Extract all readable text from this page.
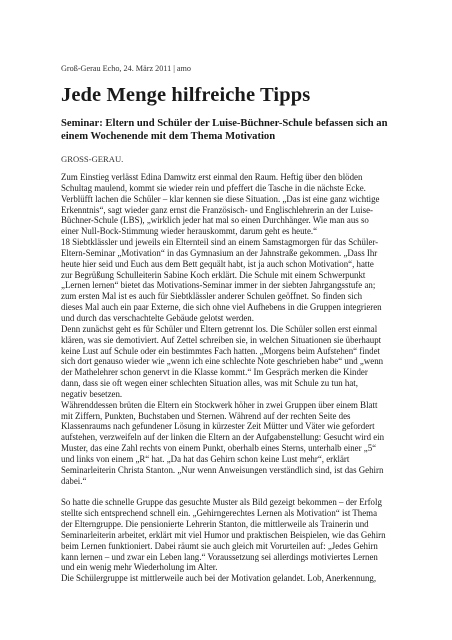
Groß-Gerau Echo, 24. März 2011 | amo
Jede Menge hilfreiche Tipps
Seminar: Eltern und Schüler der Luise-Büchner-Schule befassen sich an
einem Wochenende mit dem Thema Motivation
GROSS-GERAU.
Zum Einstieg verlässt Edina Damwitz erst einmal den Raum. Heftig über den blöden
Schultag maulend, kommt sie wieder rein und pfeffert die Tasche in die nächste Ecke.
Verblüfft lachen die Schüler – klar kennen sie diese Situation. „Das ist eine ganz wichtige
Erkenntnis“, sagt wieder ganz ernst die Französisch- und Englischlehrerin an der Luise-
Büchner-Schule (LBS), „wirklich jeder hat mal so einen Durchhänger. Wie man aus so
einer Null-Bock-Stimmung wieder herauskommt, darum geht es heute.“
18 Siebtklässler und jeweils ein Elternteil sind an einem Samstagmorgen für das Schüler-
Eltern-Seminar „Motivation“ in das Gymnasium an der Jahnstraße gekommen. „Dass Ihr
heute hier seid und Euch aus dem Bett gequält habt, ist ja auch schon Motivation“, hatte
zur Begrüßung Schulleiterin Sabine Koch erklärt. Die Schule mit einem Schwerpunkt
„Lernen lernen“ bietet das Motivations-Seminar immer in der siebten Jahrgangsstufe an;
zum ersten Mal ist es auch für Siebtklässler anderer Schulen geöffnet. So finden sich
dieses Mal auch ein paar Externe, die sich ohne viel Aufhebens in die Gruppen integrieren
und durch das verschachtelte Gebäude gelotst werden.
Denn zunächst geht es für Schüler und Eltern getrennt los. Die Schüler sollen erst einmal
klären, was sie demotiviert. Auf Zettel schreiben sie, in welchen Situationen sie überhaupt
keine Lust auf Schule oder ein bestimmtes Fach hatten. „Morgens beim Aufstehen“ findet
sich dort genauso wieder wie „wenn ich eine schlechte Note geschrieben habe“ und „wenn
der Mathelehrer schon genervt in die Klasse kommt.“ Im Gespräch merken die Kinder
dann, dass sie oft wegen einer schlechten Situation alles, was mit Schule zu tun hat,
negativ besetzen.
Währenddessen brüten die Eltern ein Stockwerk höher in zwei Gruppen über einem Blatt
mit Ziffern, Punkten, Buchstaben und Sternen. Während auf der rechten Seite des
Klassenraums nach gefundener Lösung in kürzester Zeit Mütter und Väter wie gefordert
aufstehen, verzweifeln auf der linken die Eltern an der Aufgabenstellung: Gesucht wird ein
Muster, das eine Zahl rechts von einem Punkt, oberhalb eines Sterns, unterhalb einer „5“
und links von einem „R“ hat. „Da hat das Gehirn schon keine Lust mehr“, erklärt
Seminarleiterin Christa Stanton. „Nur wenn Anweisungen verständlich sind, ist das Gehirn
dabei.“
So hatte die schnelle Gruppe das gesuchte Muster als Bild gezeigt bekommen – der Erfolg
stellte sich entsprechend schnell ein. „Gehirngerechtes Lernen als Motivation“ ist Thema
der Elterngruppe. Die pensionierte Lehrerin Stanton, die mittlerweile als Trainerin und
Seminarleiterin arbeitet, erklärt mit viel Humor und praktischen Beispielen, wie das Gehirn
beim Lernen funktioniert. Dabei räumt sie auch gleich mit Vorurteilen auf: „Jedes Gehirn
kann lernen – und zwar ein Leben lang.“ Voraussetzung sei allerdings motiviertes Lernen
und ein wenig mehr Wiederholung im Alter.
Die Schülergruppe ist mittlerweile auch bei der Motivation gelandet. Lob, Anerkennung,
